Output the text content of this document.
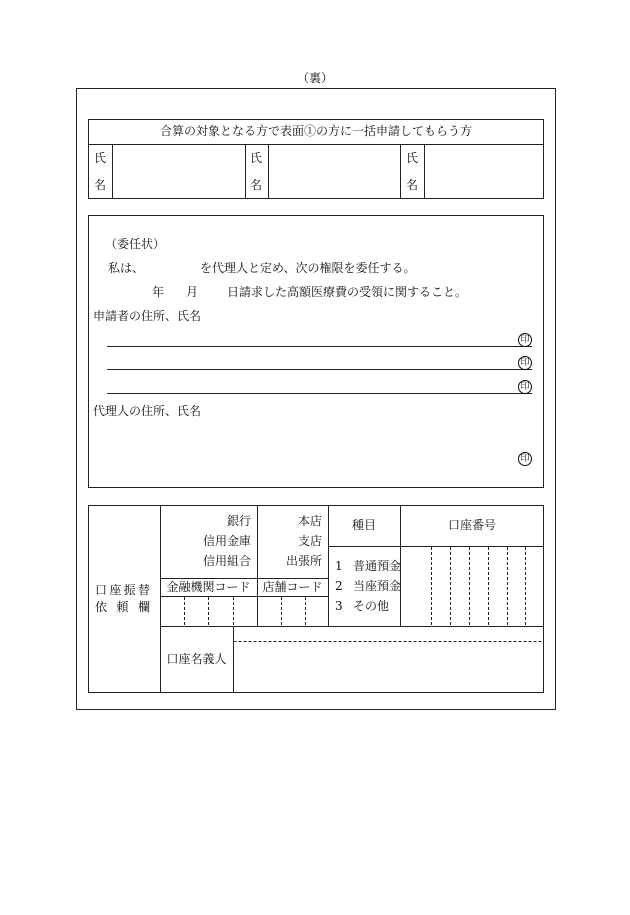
（裏）
合算の対象となる方で表面①の方に一括申請してもらう方
氏
名
氏
名
氏
名
（委任状）
私は、	を代理人と定め、次の権限を委任する。
年 月 日請求した高額医療費の受領に関すること。
申請者の住所、氏名
印
印
印
代理人の住所、氏名
印
口座振替
依頼欄
銀行
信用金庫
信用組合
本店
支店
出張所
金融機関コード 店舗コード
種目	口座番号
1 普通預金
2 当座預金
3 その他
口座名義人
